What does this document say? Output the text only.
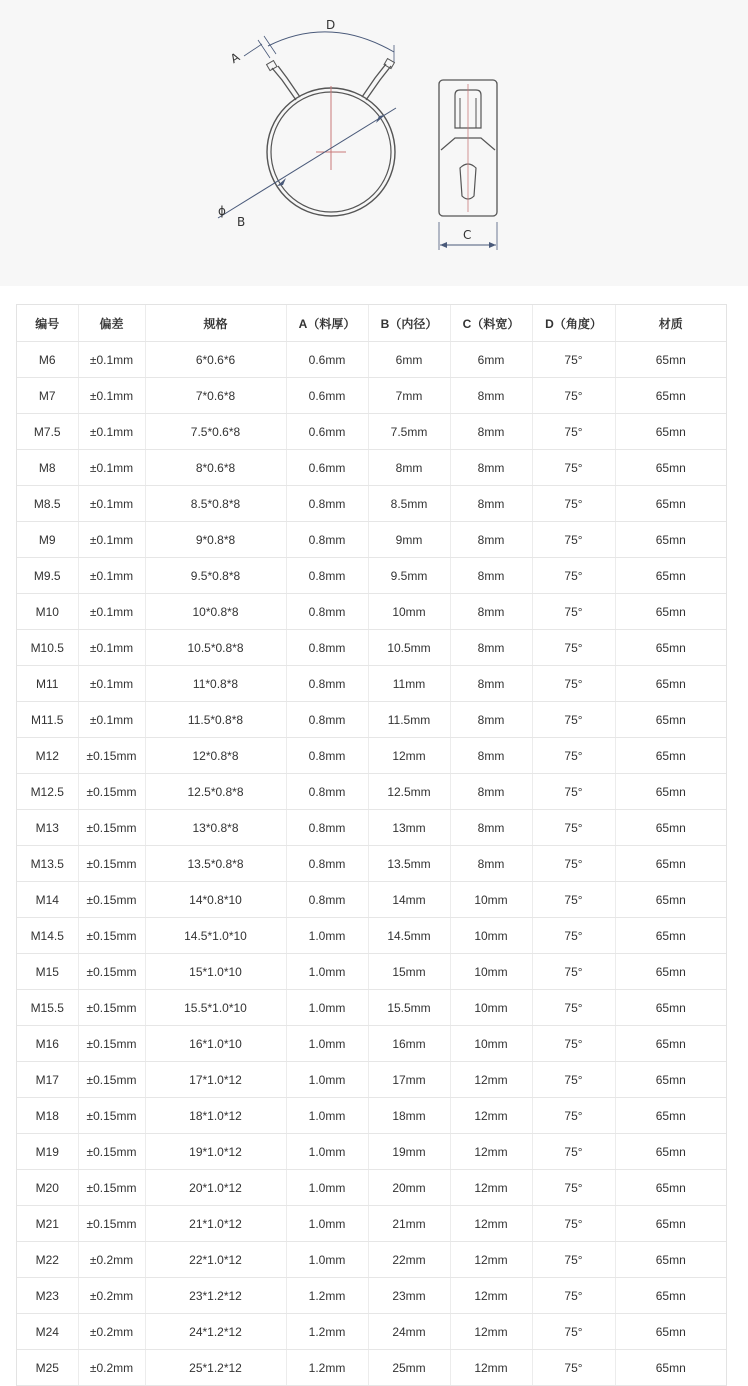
D
A
ϕ
B
C
编号	偏差	规格	A（料厚）	B（内径）	C（料宽）	D（角度）	材质
M6	±0.1mm	6*0.6*6	0.6mm	6mm	6mm	75°	65mn
M7	±0.1mm	7*0.6*8	0.6mm	7mm	8mm	75°	65mn
M7.5	±0.1mm	7.5*0.6*8	0.6mm	7.5mm	8mm	75°	65mn
M8	±0.1mm	8*0.6*8	0.6mm	8mm	8mm	75°	65mn
M8.5	±0.1mm	8.5*0.8*8	0.8mm	8.5mm	8mm	75°	65mn
M9	±0.1mm	9*0.8*8	0.8mm	9mm	8mm	75°	65mn
M9.5	±0.1mm	9.5*0.8*8	0.8mm	9.5mm	8mm	75°	65mn
M10	±0.1mm	10*0.8*8	0.8mm	10mm	8mm	75°	65mn
M10.5	±0.1mm	10.5*0.8*8	0.8mm	10.5mm	8mm	75°	65mn
M11	±0.1mm	11*0.8*8	0.8mm	11mm	8mm	75°	65mn
M11.5	±0.1mm	11.5*0.8*8	0.8mm	11.5mm	8mm	75°	65mn
M12	±0.15mm	12*0.8*8	0.8mm	12mm	8mm	75°	65mn
M12.5	±0.15mm	12.5*0.8*8	0.8mm	12.5mm	8mm	75°	65mn
M13	±0.15mm	13*0.8*8	0.8mm	13mm	8mm	75°	65mn
M13.5	±0.15mm	13.5*0.8*8	0.8mm	13.5mm	8mm	75°	65mn
M14	±0.15mm	14*0.8*10	0.8mm	14mm	10mm	75°	65mn
M14.5	±0.15mm	14.5*1.0*10	1.0mm	14.5mm	10mm	75°	65mn
M15	±0.15mm	15*1.0*10	1.0mm	15mm	10mm	75°	65mn
M15.5	±0.15mm	15.5*1.0*10	1.0mm	15.5mm	10mm	75°	65mn
M16	±0.15mm	16*1.0*10	1.0mm	16mm	10mm	75°	65mn
M17	±0.15mm	17*1.0*12	1.0mm	17mm	12mm	75°	65mn
M18	±0.15mm	18*1.0*12	1.0mm	18mm	12mm	75°	65mn
M19	±0.15mm	19*1.0*12	1.0mm	19mm	12mm	75°	65mn
M20	±0.15mm	20*1.0*12	1.0mm	20mm	12mm	75°	65mn
M21	±0.15mm	21*1.0*12	1.0mm	21mm	12mm	75°	65mn
M22	±0.2mm	22*1.0*12	1.0mm	22mm	12mm	75°	65mn
M23	±0.2mm	23*1.2*12	1.2mm	23mm	12mm	75°	65mn
M24	±0.2mm	24*1.2*12	1.2mm	24mm	12mm	75°	65mn
M25	±0.2mm	25*1.2*12	1.2mm	25mm	12mm	75°	65mn
